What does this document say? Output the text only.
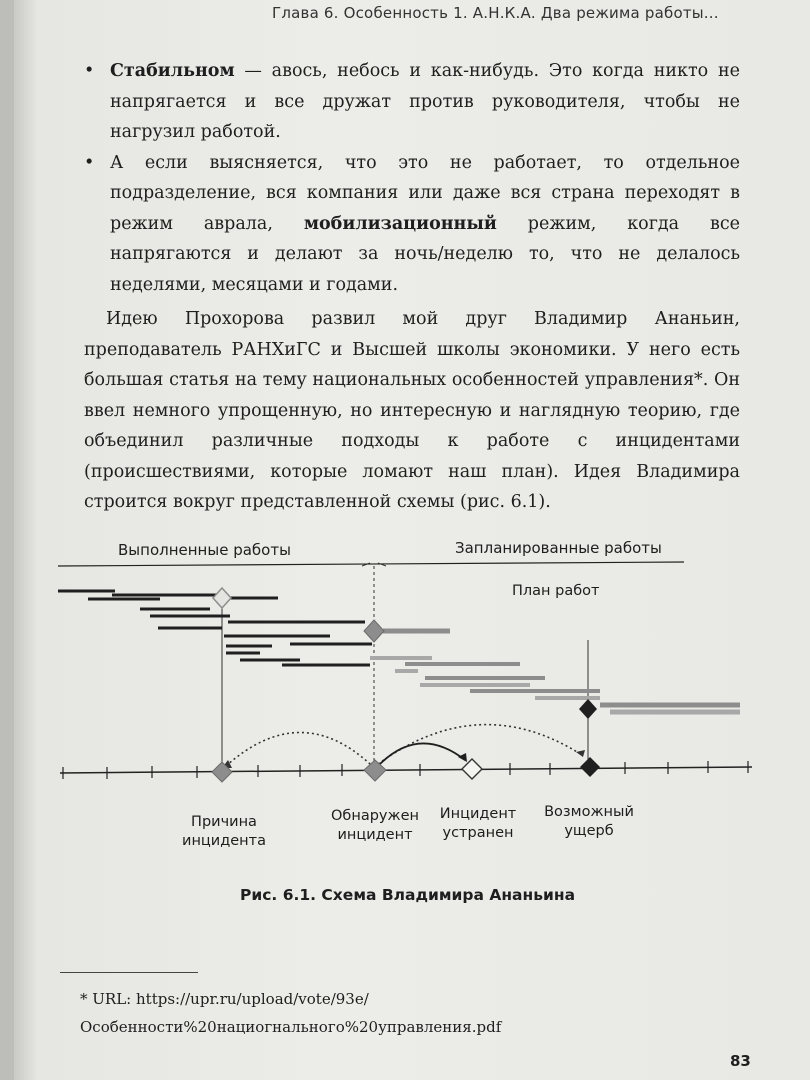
Глава 6. Особенность 1. А.Н.К.А. Два режима работы...
• Стабильном — авось, небось и как-нибудь. Это когда никто не напрягается и все дружат против руководителя, чтобы не нагрузил работой.
• А если выясняется, что это не работает, то отдельное подразделение, вся компания или даже вся страна переходят в режим аврала, мобилизационный режим, когда все напрягаются и делают за ночь/неделю то, что не делалось неделями, месяцами и годами.

Идею Прохорова развил мой друг Владимир Ананьин, преподаватель РАНХиГС и Высшей школы экономики. У него есть большая статья на тему национальных особенностей управления*. Он ввел немного упрощенную, но интересную и наглядную теорию, где объединил различные подходы к работе с инцидентами (происшествиями, которые ломают наш план). Идея Владимира строится вокруг представленной схемы (рис. 6.1).

Выполненные работы	Запланированные работы
План работ
Причина
инцидента
Обнаружен
инцидент
Инцидент
устранен
Возможный
ущерб
Рис. 6.1. Схема Владимира Ананьина
* URL: https://upr.ru/upload/vote/93e/Особенности%20нациогнального%20управления.pdf
83
